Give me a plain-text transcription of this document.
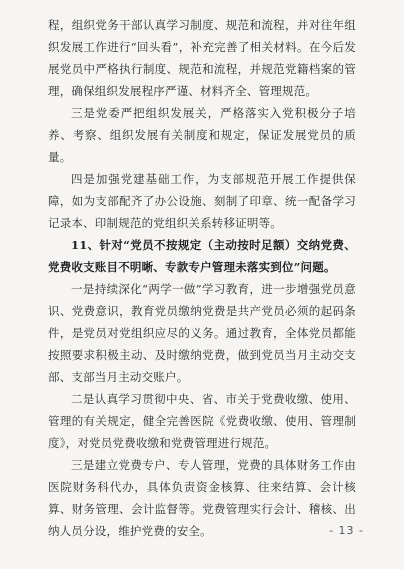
程，组织党务干部认真学习制度、规范和流程，并对往年组织发展工作进行“回头看”，补充完善了相关材料。在今后发展党员中严格执行制度、规范和流程，并规范党籍档案的管理，确保组织发展程序严谨、材料齐全、管理规范。

三是党委严把组织发展关，严格落实入党积极分子培养、考察、组织发展有关制度和规定，保证发展党员的质量。

四是加强党建基础工作，为支部规范开展工作提供保障，如为支部配齐了办公设施、刻制了印章、统一配备学习记录本、印制规范的党组织关系转移证明等。

11、针对“党员不按规定（主动按时足额）交纳党费、党费收支账目不明晰、专款专户管理未落实到位”问题。

一是持续深化“两学一做”学习教育，进一步增强党员意识、党费意识，教育党员缴纳党费是共产党员必须的起码条件，是党员对党组织应尽的义务。通过教育，全体党员都能按照要求积极主动、及时缴纳党费，做到党员当月主动交支部、支部当月主动交账户。

二是认真学习贯彻中央、省、市关于党费收缴、使用、管理的有关规定，健全完善医院《党费收缴、使用、管理制度》，对党员党费收缴和党费管理进行规范。

三是建立党费专户、专人管理，党费的具体财务工作由医院财务科代办，具体负责资金核算、往来结算、会计核算、财务管理、会计监督等。党费管理实行会计、稽核、出纳人员分设，维护党费的安全。	- 13 -
